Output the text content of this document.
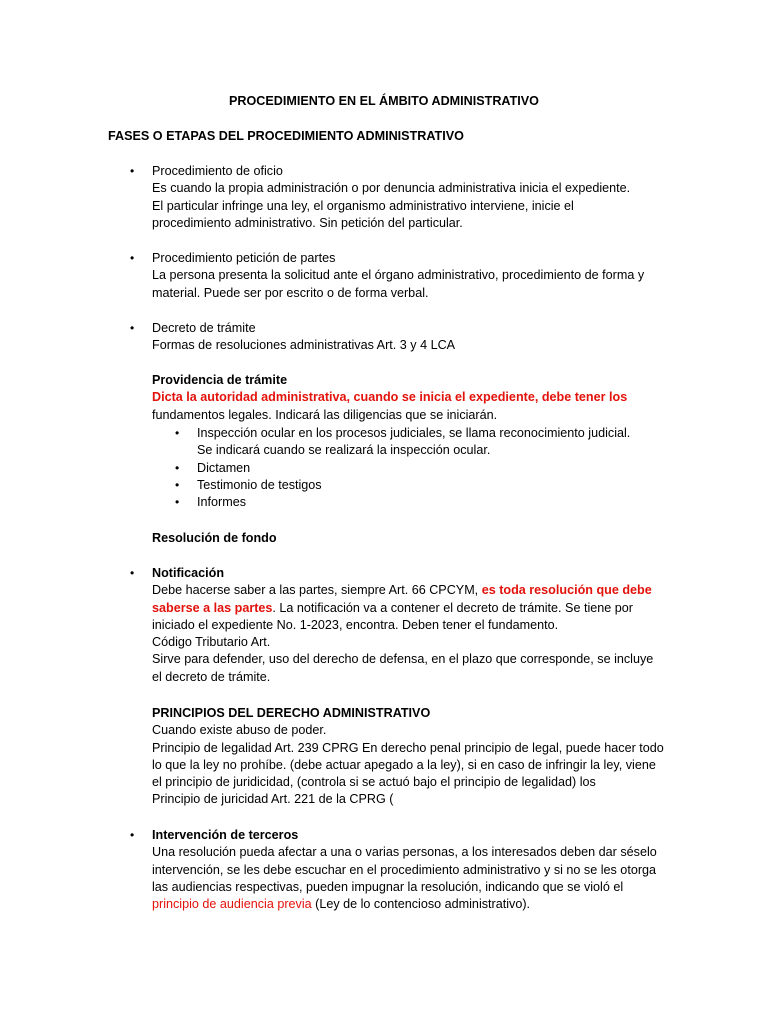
PROCEDIMIENTO EN EL ÁMBITO ADMINISTRATIVO
FASES O ETAPAS DEL PROCEDIMIENTO ADMINISTRATIVO
• Procedimiento de oficio
Es cuando la propia administración o por denuncia administrativa inicia el expediente.
El particular infringe una ley, el organismo administrativo interviene, inicie el
procedimiento administrativo. Sin petición del particular.
• Procedimiento petición de partes
La persona presenta la solicitud ante el órgano administrativo, procedimiento de forma y
material. Puede ser por escrito o de forma verbal.
• Decreto de trámite
Formas de resoluciones administrativas Art. 3 y 4 LCA
Providencia de trámite
Dicta la autoridad administrativa, cuando se inicia el expediente, debe tener los
fundamentos legales. Indicará las diligencias que se iniciarán.
• Inspección ocular en los procesos judiciales, se llama reconocimiento judicial.
Se indicará cuando se realizará la inspección ocular.
• Dictamen
• Testimonio de testigos
• Informes
Resolución de fondo
• Notificación
Debe hacerse saber a las partes, siempre Art. 66 CPCYM, es toda resolución que debe
saberse a las partes. La notificación va a contener el decreto de trámite. Se tiene por
iniciado el expediente No. 1-2023, encontra. Deben tener el fundamento.
Código Tributario Art.
Sirve para defender, uso del derecho de defensa, en el plazo que corresponde, se incluye
el decreto de trámite.
PRINCIPIOS DEL DERECHO ADMINISTRATIVO
Cuando existe abuso de poder.
Principio de legalidad Art. 239 CPRG En derecho penal principio de legal, puede hacer todo
lo que la ley no prohíbe. (debe actuar apegado a la ley), si en caso de infringir la ley, viene
el principio de juridicidad, (controla si se actuó bajo el principio de legalidad) los
Principio de juricidad Art. 221 de la CPRG (
• Intervención de terceros
Una resolución pueda afectar a una o varias personas, a los interesados deben dar séselo
intervención, se les debe escuchar en el procedimiento administrativo y si no se les otorga
las audiencias respectivas, pueden impugnar la resolución, indicando que se violó el
principio de audiencia previa (Ley de lo contencioso administrativo).
